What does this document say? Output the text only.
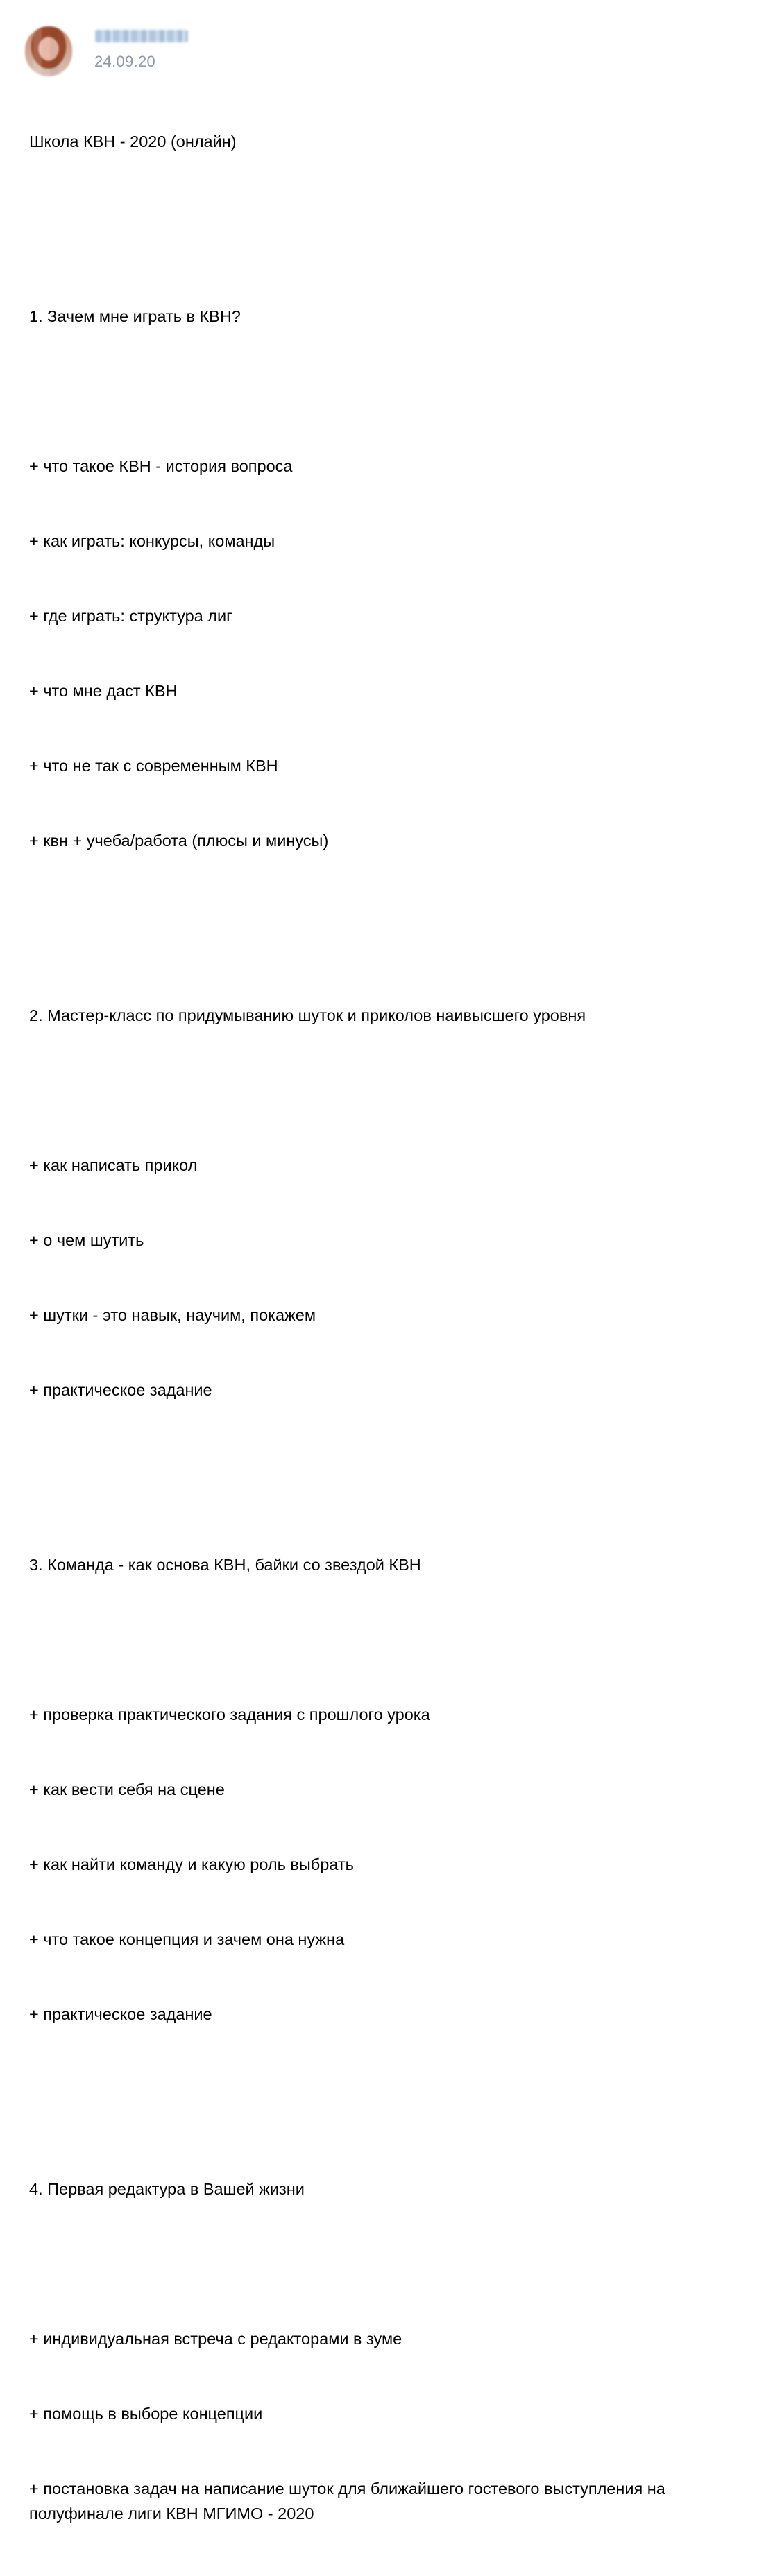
24.09.20

Школа КВН - 2020 (онлайн)

1. Зачем мне играть в КВН?

+ что такое КВН - история вопроса

+ как играть: конкурсы, команды

+ где играть: структура лиг

+ что мне даст КВН

+ что не так с современным КВН

+ квн + учеба/работа (плюсы и минусы)

2. Мастер-класс по придумыванию шуток и приколов наивысшего уровня

+ как написать прикол

+ о чем шутить

+ шутки - это навык, научим, покажем

+ практическое задание

3. Команда - как основа КВН, байки со звездой КВН

+ проверка практического задания с прошлого урока

+ как вести себя на сцене

+ как найти команду и какую роль выбрать

+ что такое концепция и зачем она нужна

+ практическое задание

4. Первая редактура в Вашей жизни

+ индивидуальная встреча с редакторами в зуме

+ помощь в выборе концепции

+ постановка задач на написание шуток для ближайшего гостевого выступления на полуфинале лиги КВН МГИМО - 2020
